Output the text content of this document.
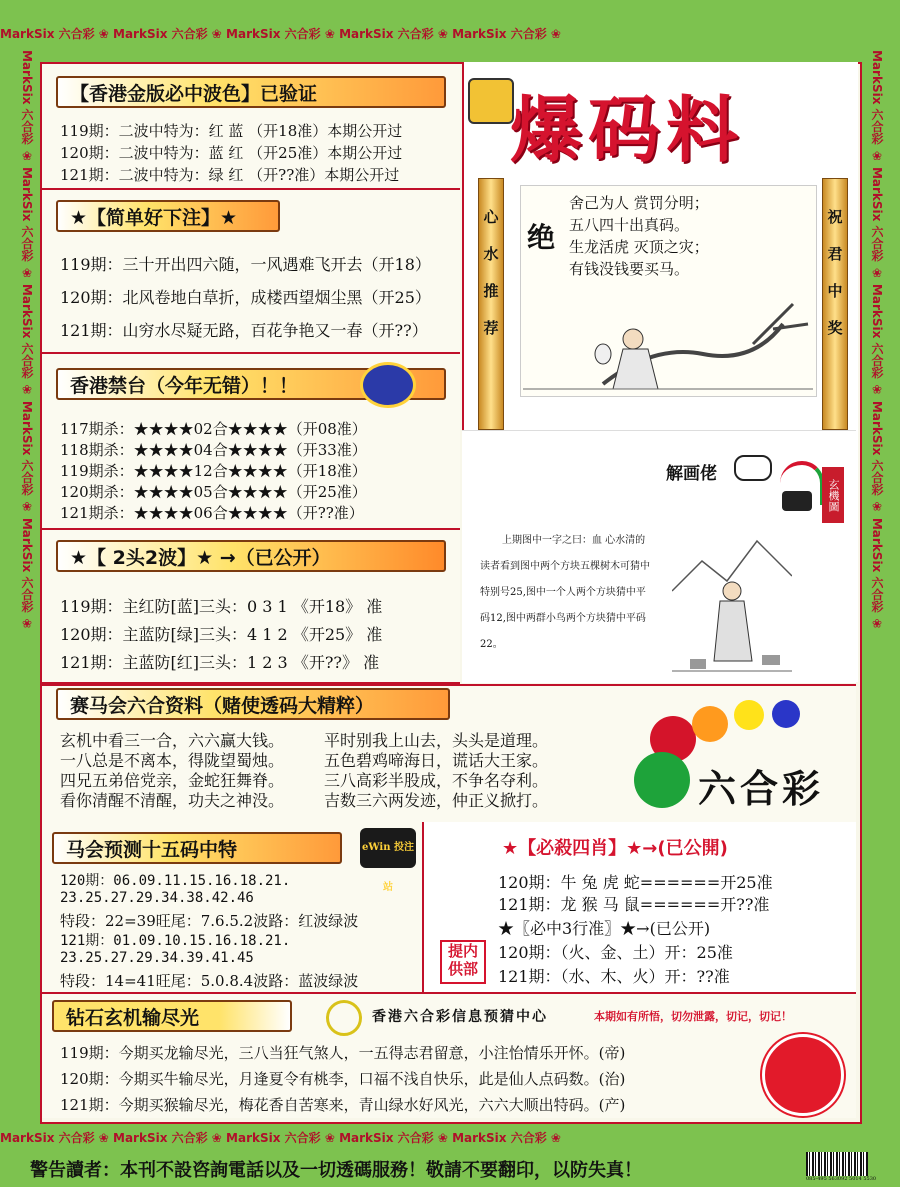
MarkSix 六合彩 ❀ MarkSix 六合彩 ❀ MarkSix 六合彩 ❀ MarkSix 六合彩 ❀ MarkSix 六合彩 ❀
MarkSix 六合彩 ❀ MarkSix 六合彩 ❀ MarkSix 六合彩 ❀ MarkSix 六合彩 ❀ MarkSix 六合彩 ❀
MarkSix 六合彩 ❀ MarkSix 六合彩 ❀ MarkSix 六合彩 ❀ MarkSix 六合彩 ❀ MarkSix 六合彩 ❀	MarkSix 六合彩 ❀ MarkSix 六合彩 ❀ MarkSix 六合彩 ❀ MarkSix 六合彩 ❀ MarkSix 六合彩 ❀
【香港金版必中波色】已验证
119期：二波中特为：红 蓝 （开18准）本期公开过
120期：二波中特为：蓝 红 （开25准）本期公开过
121期：二波中特为：绿 红 （开??准）本期公开过
★【简单好下注】★
119期：三十开出四六随，一风遇难飞开去（开18）
120期：北风卷地白草折，成楼西望烟尘黑（开25）
121期：山穷水尽疑无路，百花争艳又一春（开??）
香港禁台（今年无错）！！
117期杀：★★★★02合★★★★（开08准）
118期杀：★★★★04合★★★★（开33准）
119期杀：★★★★12合★★★★（开18准）
120期杀：★★★★05合★★★★（开25准）
121期杀：★★★★06合★★★★（开??准）
★【 2头2波】★ →（已公开）
119期：主红防[蓝]三头：0 3 1 《开18》 准
120期：主蓝防[绿]三头：4 1 2 《开25》 准
121期：主蓝防[红]三头：1 2 3 《开??》 准
爆码料
心水推荐	祝君中奖
绝
舍己为人 赏罚分明；
五八四十出真码。
生龙活虎 灭顶之灾；
有钱没钱要买马。
解画佬
玄機圖
上期图中一字之曰：血 心水清的
读者看到图中两个方块五棵树木可猜中
特别号25,图中一个人两个方块猜中平
码12,图中两群小鸟两个方块猜中平码
22。
赛马会六合资料（赌使透码大精粹）
玄机中看三一合，六六赢大钱。
一八总是不离本，得陇望蜀烛。
四兄五弟倍党亲，金蛇狂舞脊。
看你清醒不清醒，功夫之神没。
平时别我上山去，头头是道理。
五色碧鸡啼海日，谎话大王家。
三八高彩半股成，不争名夺利。
吉数三六两发迹，仲正义掀打。	六合彩
马会预测十五码中特	eWin 投注站
120期：06.09.11.15.16.18.21.
23.25.27.29.34.38.42.46
特段：22=39旺尾：7.6.5.2波路：红波绿波
121期：01.09.10.15.16.18.21.
23.25.27.29.34.39.41.45
特段：14=41旺尾：5.0.8.4波路：蓝波绿波
★【必殺四肖】★→(已公開)
120期：牛 兔 虎 蛇======开25准
121期：龙 猴 马 鼠======开??准
★〖必中3行准〗★→(已公开)
120期：（火、金、土）开：25准
121期：（水、木、火）开：??准
提内供部
钻石玄机输尽光	香港六合彩信息预猜中心	本期如有所悟，切勿泄露，切记，切记！
119期：今期买龙输尽光，三八当狂气煞人，一五得志君留意，小注怡情乐开怀。(帝)
120期：今期买牛输尽光，月逢夏令有桃李，口福不浅自快乐，此是仙人点码数。(治)
121期：今期买猴输尽光，梅花香自苦寒来，青山绿水好风光，六六大顺出特码。(产)
警告讀者：本刊不設咨詢電話以及一切透碼服務！敬請不要翻印，以防失真！	085-495 563092 5014 5530
